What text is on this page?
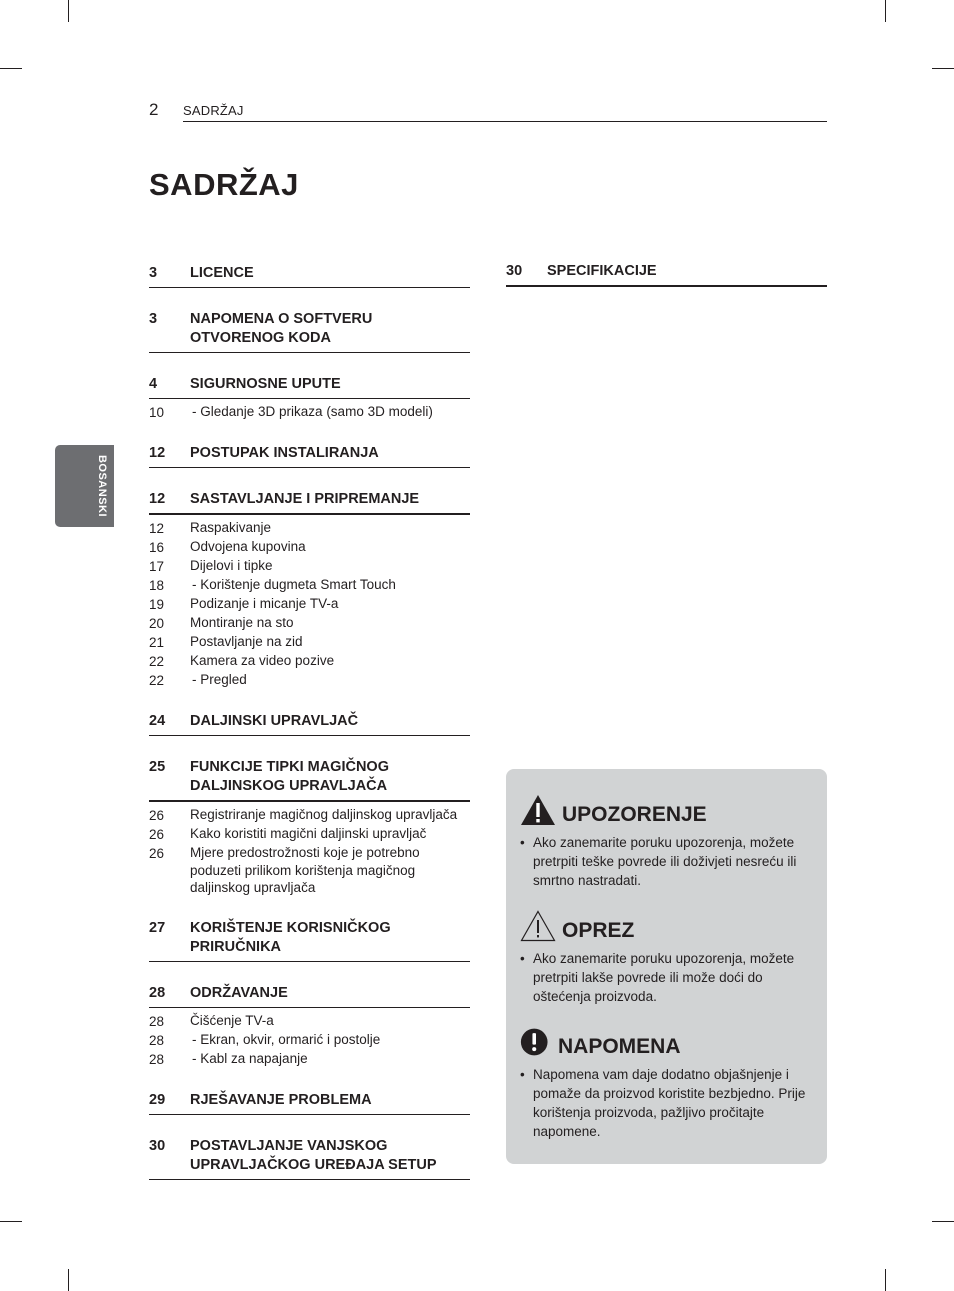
2 SADRŽAJ
SADRŽAJ
BOSANSKI
3	LICENCE
3	NAPOMENA O SOFTVERU OTVORENOG KODA
4	SIGURNOSNE UPUTE
10	- Gledanje 3D prikaza (samo 3D modeli)
12	POSTUPAK INSTALIRANJA
12	SASTAVLJANJE I PRIPREMANJE
12	Raspakivanje
16	Odvojena kupovina
17	Dijelovi i tipke
18	- Korištenje dugmeta Smart Touch
19	Podizanje i micanje TV-a
20	Montiranje na sto
21	Postavljanje na zid
22	Kamera za video pozive
22	- Pregled
24	DALJINSKI UPRAVLJAČ
25	FUNKCIJE TIPKI MAGIČNOG DALJINSKOG UPRAVLJAČA
26	Registriranje magičnog daljinskog upravljača
26	Kako koristiti magični daljinski upravljač
26	Mjere predostrožnosti koje je potrebno poduzeti prilikom korištenja magičnog daljinskog upravljača
27	KORIŠTENJE KORISNIČKOG PRIRUČNIKA
28	ODRŽAVANJE
28	Čišćenje TV-a
28	- Ekran, okvir, ormarić i postolje
28	- Kabl za napajanje
29	RJEŠAVANJE PROBLEMA
30	POSTAVLJANJE VANJSKOG UPRAVLJAČKOG UREĐAJA SETUP
30	SPECIFIKACIJE
UPOZORENJE
• Ako zanemarite poruku upozorenja, možete pretrpiti teške povrede ili doživjeti nesreću ili smrtno nastradati.
OPREZ
• Ako zanemarite poruku upozorenja, možete pretrpiti lakše povrede ili može doći do oštećenja proizvoda.
NAPOMENA
• Napomena vam daje dodatno objašnjenje i pomaže da proizvod koristite bezbjedno. Prije korištenja proizvoda, pažljivo pročitajte napomene.
